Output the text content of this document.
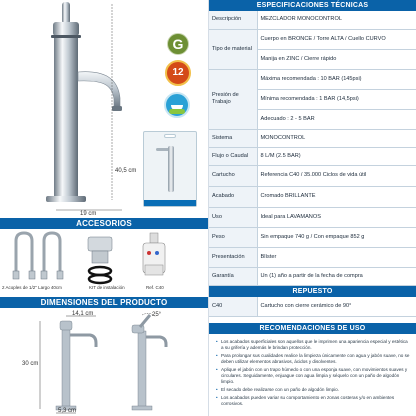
G
12
40,5 cm
19 cm
ACCESORIOS
2 Acoples de 1/2" Largo 40cm	KIT de instalación	Ref. C40
DIMENSIONES DEL PRODUCTO
14,1 cm	25°
30 cm
5,3 cm
ESPECIFICACIONES TÉCNICAS
Descripción	MEZCLADOR MONOCONTROL
Tipo de material	Cuerpo en BRONCE / Torre ALTA / Cuello CURVO
Manija en ZINC / Cierre rápido

Presión de Trabajo	Máxima recomendada : 10 BAR (145psi)
Mínima recomendada : 1 BAR (14,5psi)
Adecuado : 2 - 5 BAR

Sistema	MONOCONTROL
Flujo o Caudal	8 L/M (2.5 BAR)
Cartucho	Referencia C40 / 35.000 Ciclos de vida útil
Acabado	Cromado BRILLANTE
Uso	Ideal para LAVAMANOS
Peso	Sin empaque 740 g / Con empaque 852 g
Presentación	Blíster
Garantía	Un (1) año a partir de la fecha de compra
REPUESTO
C40	Cartucho con cierre cerámico de 90°
RECOMENDACIONES DE USO

• Los acabados superficiales son aquellos que le imprimen una apariencia especial y estética a su grifería y además le brindan protección.

• Para prolongar sus cualidades realice la limpieza únicamente con agua y jabón suave, no se deben utilizar elementos abrasivos, ácidos y disolventes.

• Aplique el jabón con un trapo húmedo o con una esponja suave, con movimientos suaves y circulares. Seguidamente, enjuague con agua limpia y séquelo con un paño de algodón limpio.

• El secado debe realizarse con un paño de algodón limpio.

• Los acabados pueden variar su comportamiento en zonas costeras y/o en ambientes corrosivos.
